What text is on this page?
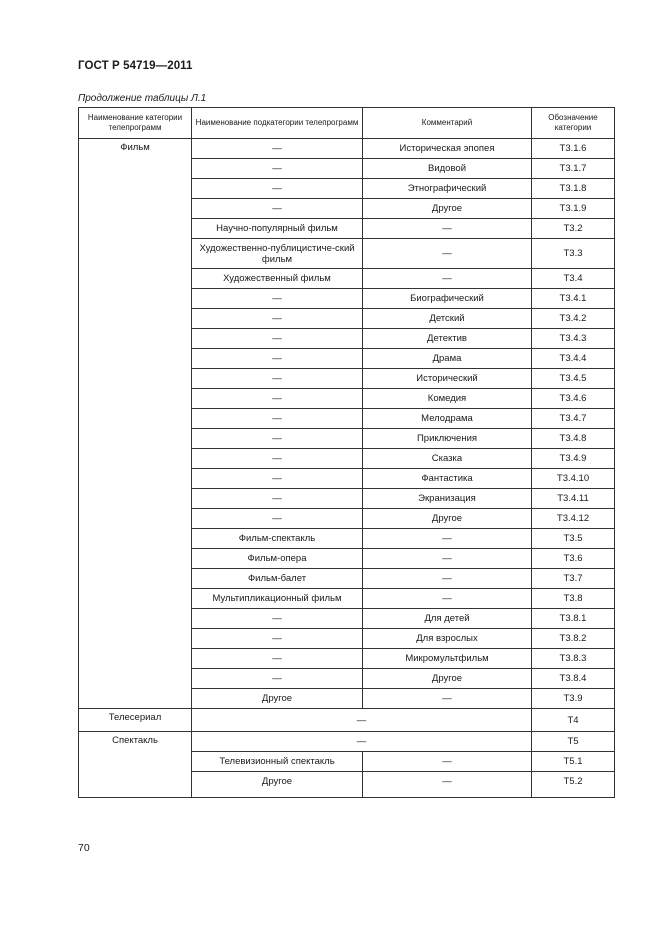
ГОСТ Р 54719—2011
Продолжение таблицы Л.1
Наименование категории телепрограмм	Наименование подкатегории телепрограмм	Комментарий	Обозначение категории
Фильм	—	Историческая эпопея	Т3.1.6
	—	Видовой	Т3.1.7
	—	Этнографический	Т3.1.8
	—	Другое	Т3.1.9
	Научно-популярный фильм	—	Т3.2
	Художественно-публицистиче-ский фильм	—	Т3.3
	Художественный фильм	—	Т3.4
	—	Биографический	Т3.4.1
	—	Детский	Т3.4.2
	—	Детектив	Т3.4.3
	—	Драма	Т3.4.4
	—	Исторический	Т3.4.5
	—	Комедия	Т3.4.6
	—	Мелодрама	Т3.4.7
	—	Приключения	Т3.4.8
	—	Сказка	Т3.4.9
	—	Фантастика	Т3.4.10
	—	Экранизация	Т3.4.11
	—	Другое	Т3.4.12
	Фильм-спектакль	—	Т3.5
	Фильм-опера	—	Т3.6
	Фильм-балет	—	Т3.7
	Мультипликационный фильм	—	Т3.8
	—	Для детей	Т3.8.1
	—	Для взрослых	Т3.8.2
	—	Микромультфильм	Т3.8.3
	—	Другое	Т3.8.4
	Другое	—	Т3.9
Телесериал	—		Т4
Спектакль	—		Т5
	Телевизионный спектакль	—	Т5.1
	Другое	—	Т5.2
70
